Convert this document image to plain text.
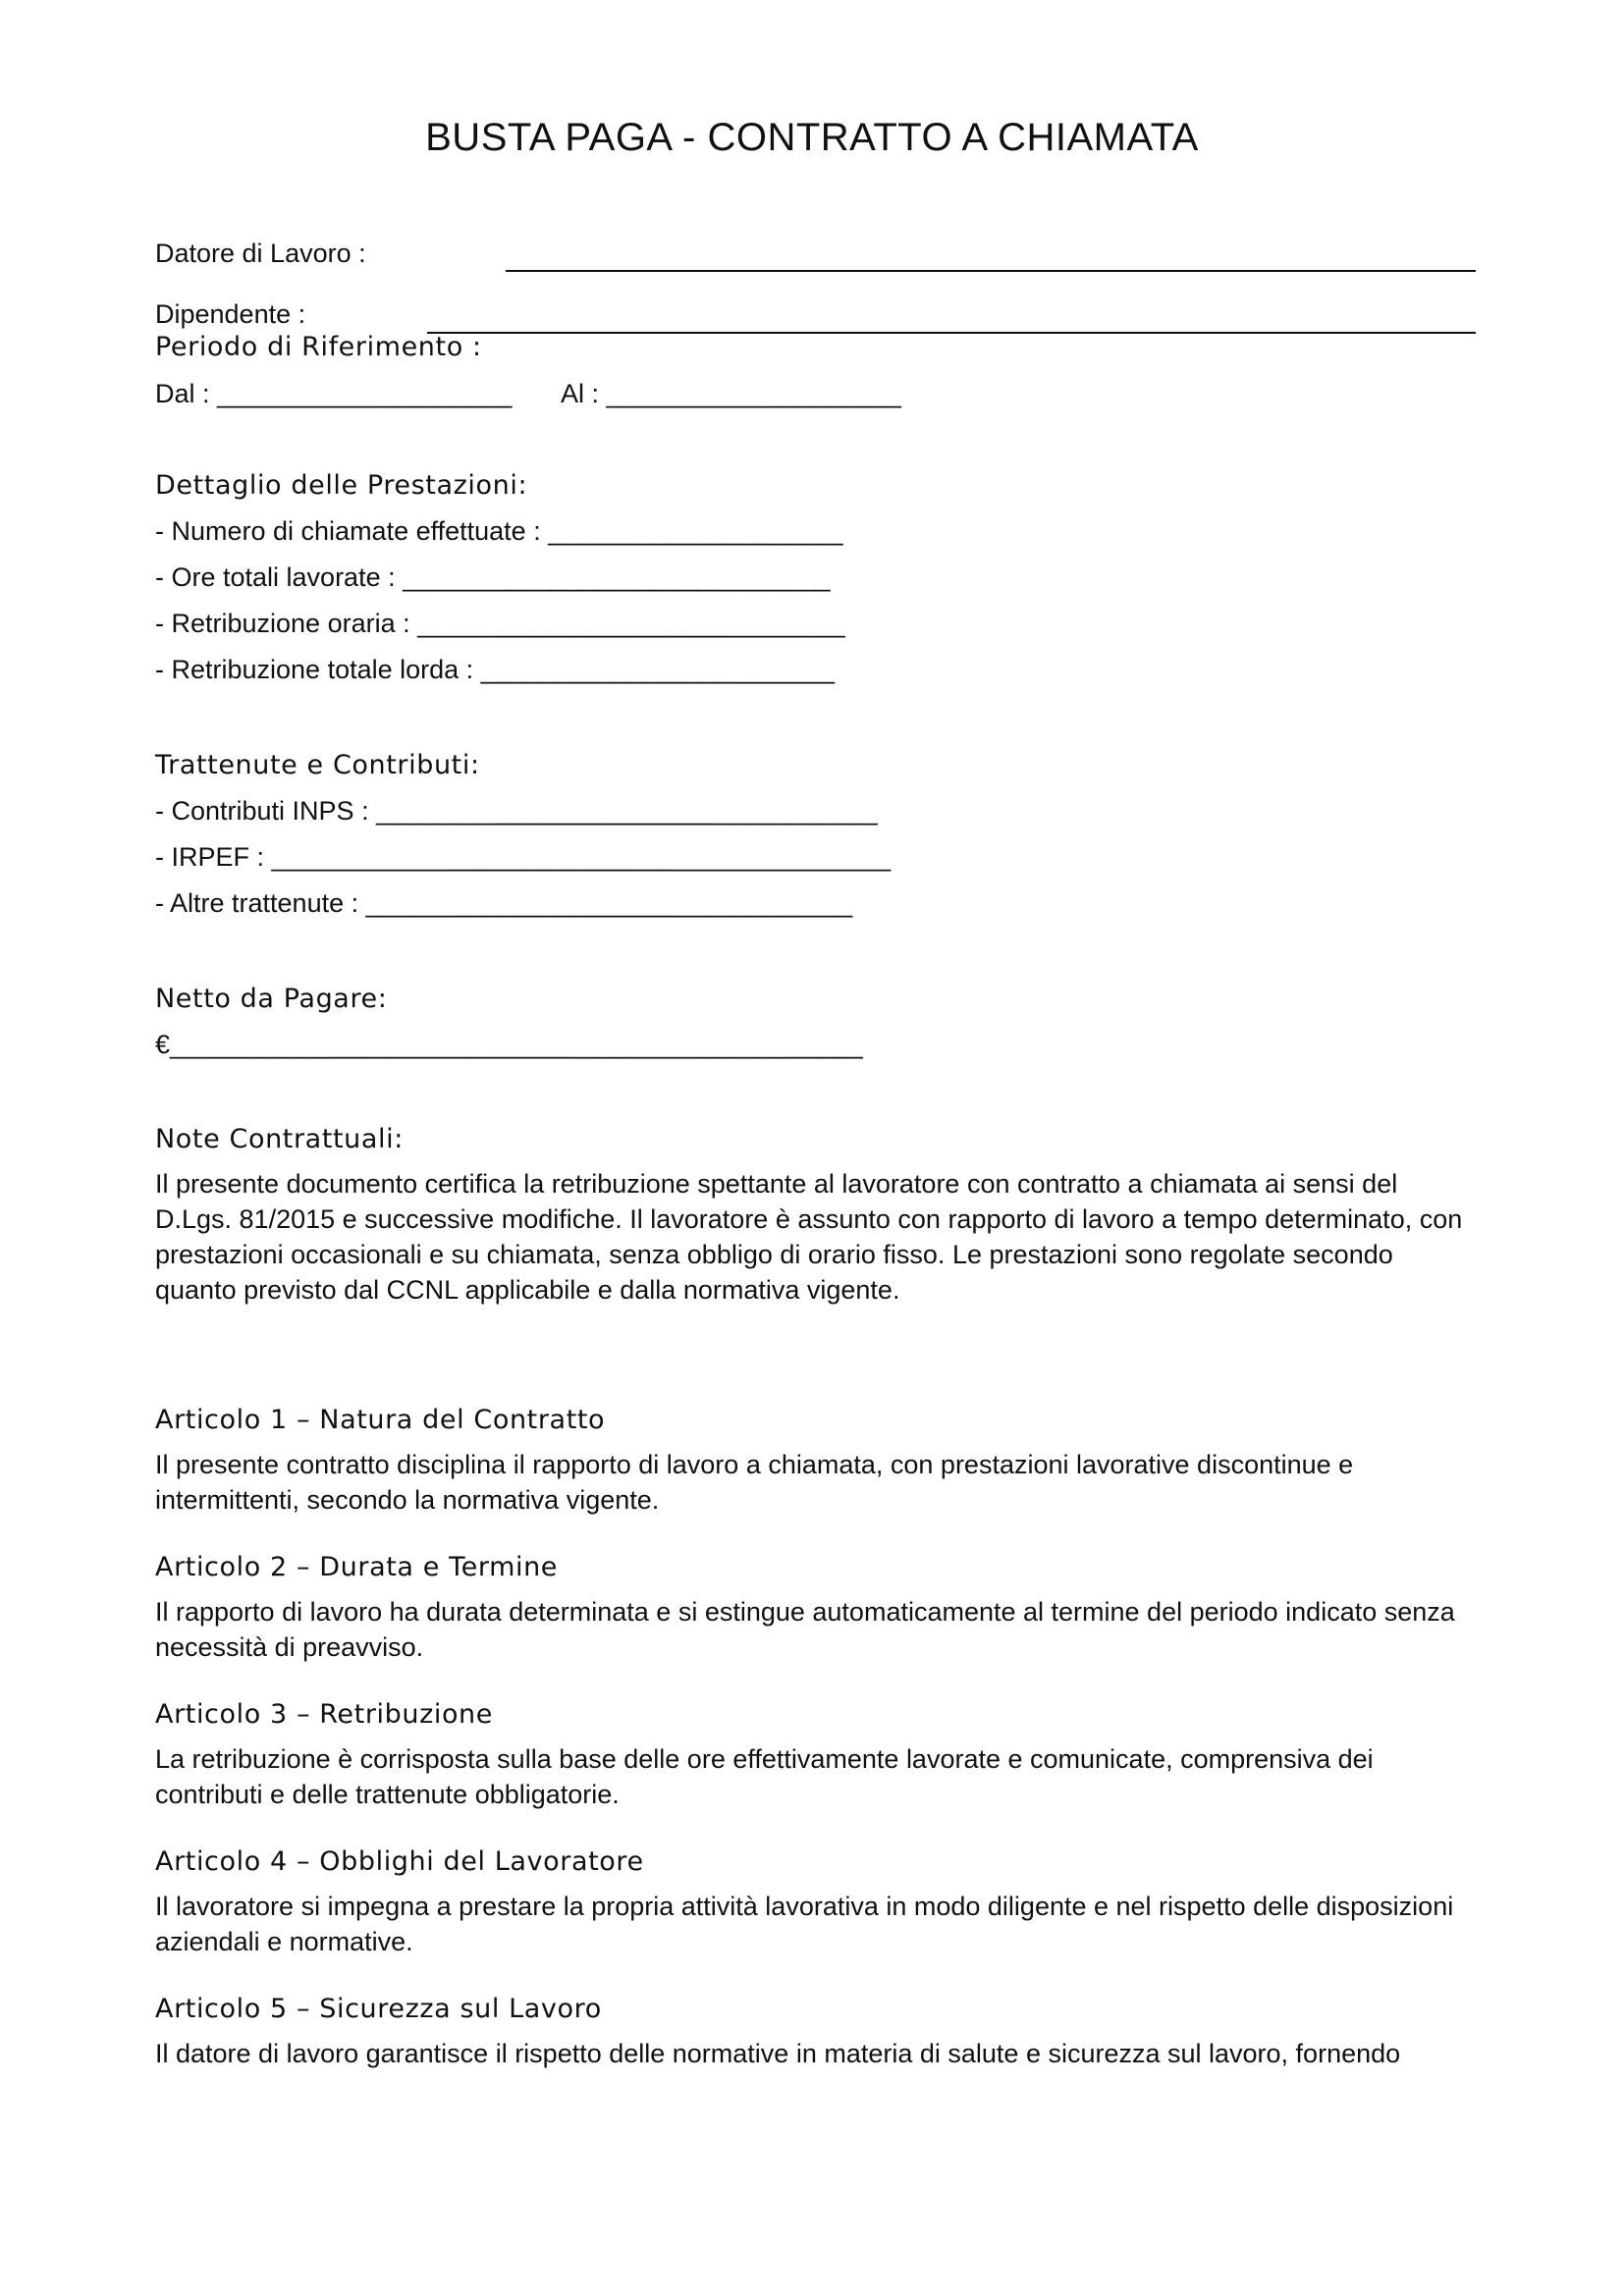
BUSTA PAGA - CONTRATTO A CHIAMATA
Datore di Lavoro :
Dipendente :
Periodo di Riferimento :
Dal : ____________________ Al : ____________________
Dettaglio delle Prestazioni:
- Numero di chiamate effettuate : ____________________
- Ore totali lavorate : _____________________________
- Retribuzione oraria : _____________________________
- Retribuzione totale lorda : ________________________
Trattenute e Contributi:
- Contributi INPS : __________________________________
- IRPEF : __________________________________________
- Altre trattenute : _________________________________
Netto da Pagare:
€_______________________________________________
Note Contrattuali:
Il presente documento certifica la retribuzione spettante al lavoratore con contratto a chiamata ai sensi del D.Lgs. 81/2015 e successive modifiche. Il lavoratore è assunto con rapporto di lavoro a tempo determinato, con prestazioni occasionali e su chiamata, senza obbligo di orario fisso. Le prestazioni sono regolate secondo quanto previsto dal CCNL applicabile e dalla normativa vigente.
Articolo 1 – Natura del Contratto
Il presente contratto disciplina il rapporto di lavoro a chiamata, con prestazioni lavorative discontinue e intermittenti, secondo la normativa vigente.
Articolo 2 – Durata e Termine
Il rapporto di lavoro ha durata determinata e si estingue automaticamente al termine del periodo indicato senza necessità di preavviso.
Articolo 3 – Retribuzione
La retribuzione è corrisposta sulla base delle ore effettivamente lavorate e comunicate, comprensiva dei contributi e delle trattenute obbligatorie.
Articolo 4 – Obblighi del Lavoratore
Il lavoratore si impegna a prestare la propria attività lavorativa in modo diligente e nel rispetto delle disposizioni aziendali e normative.
Articolo 5 – Sicurezza sul Lavoro
Il datore di lavoro garantisce il rispetto delle normative in materia di salute e sicurezza sul lavoro, fornendo
